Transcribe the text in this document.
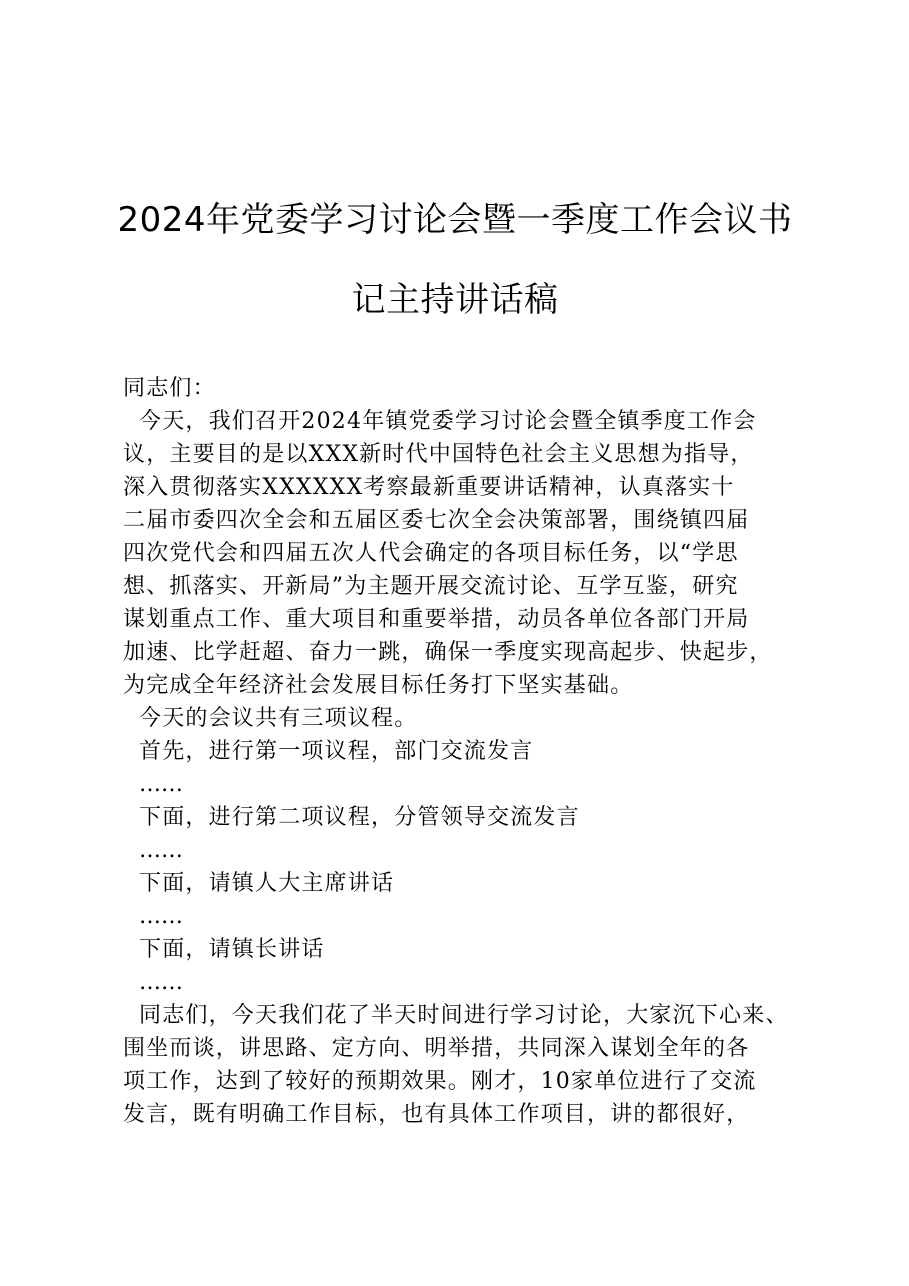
2024年党委学习讨论会暨一季度工作会议书
记主持讲话稿
同志们：
今天，我们召开2024年镇党委学习讨论会暨全镇季度工作会
议，主要目的是以XXX新时代中国特色社会主义思想为指导，
深入贯彻落实XXXXXX考察最新重要讲话精神，认真落实十
二届市委四次全会和五届区委七次全会决策部署，围绕镇四届
四次党代会和四届五次人代会确定的各项目标任务，以“学思
想、抓落实、开新局”为主题开展交流讨论、互学互鉴，研究
谋划重点工作、重大项目和重要举措，动员各单位各部门开局
加速、比学赶超、奋力一跳，确保一季度实现高起步、快起步，
为完成全年经济社会发展目标任务打下坚实基础。
今天的会议共有三项议程。
首先，进行第一项议程，部门交流发言
……
下面，进行第二项议程，分管领导交流发言
……
下面，请镇人大主席讲话
……
下面，请镇长讲话
……
同志们，今天我们花了半天时间进行学习讨论，大家沉下心来、
围坐而谈，讲思路、定方向、明举措，共同深入谋划全年的各
项工作，达到了较好的预期效果。刚才，10家单位进行了交流
发言，既有明确工作目标，也有具体工作项目，讲的都很好，
